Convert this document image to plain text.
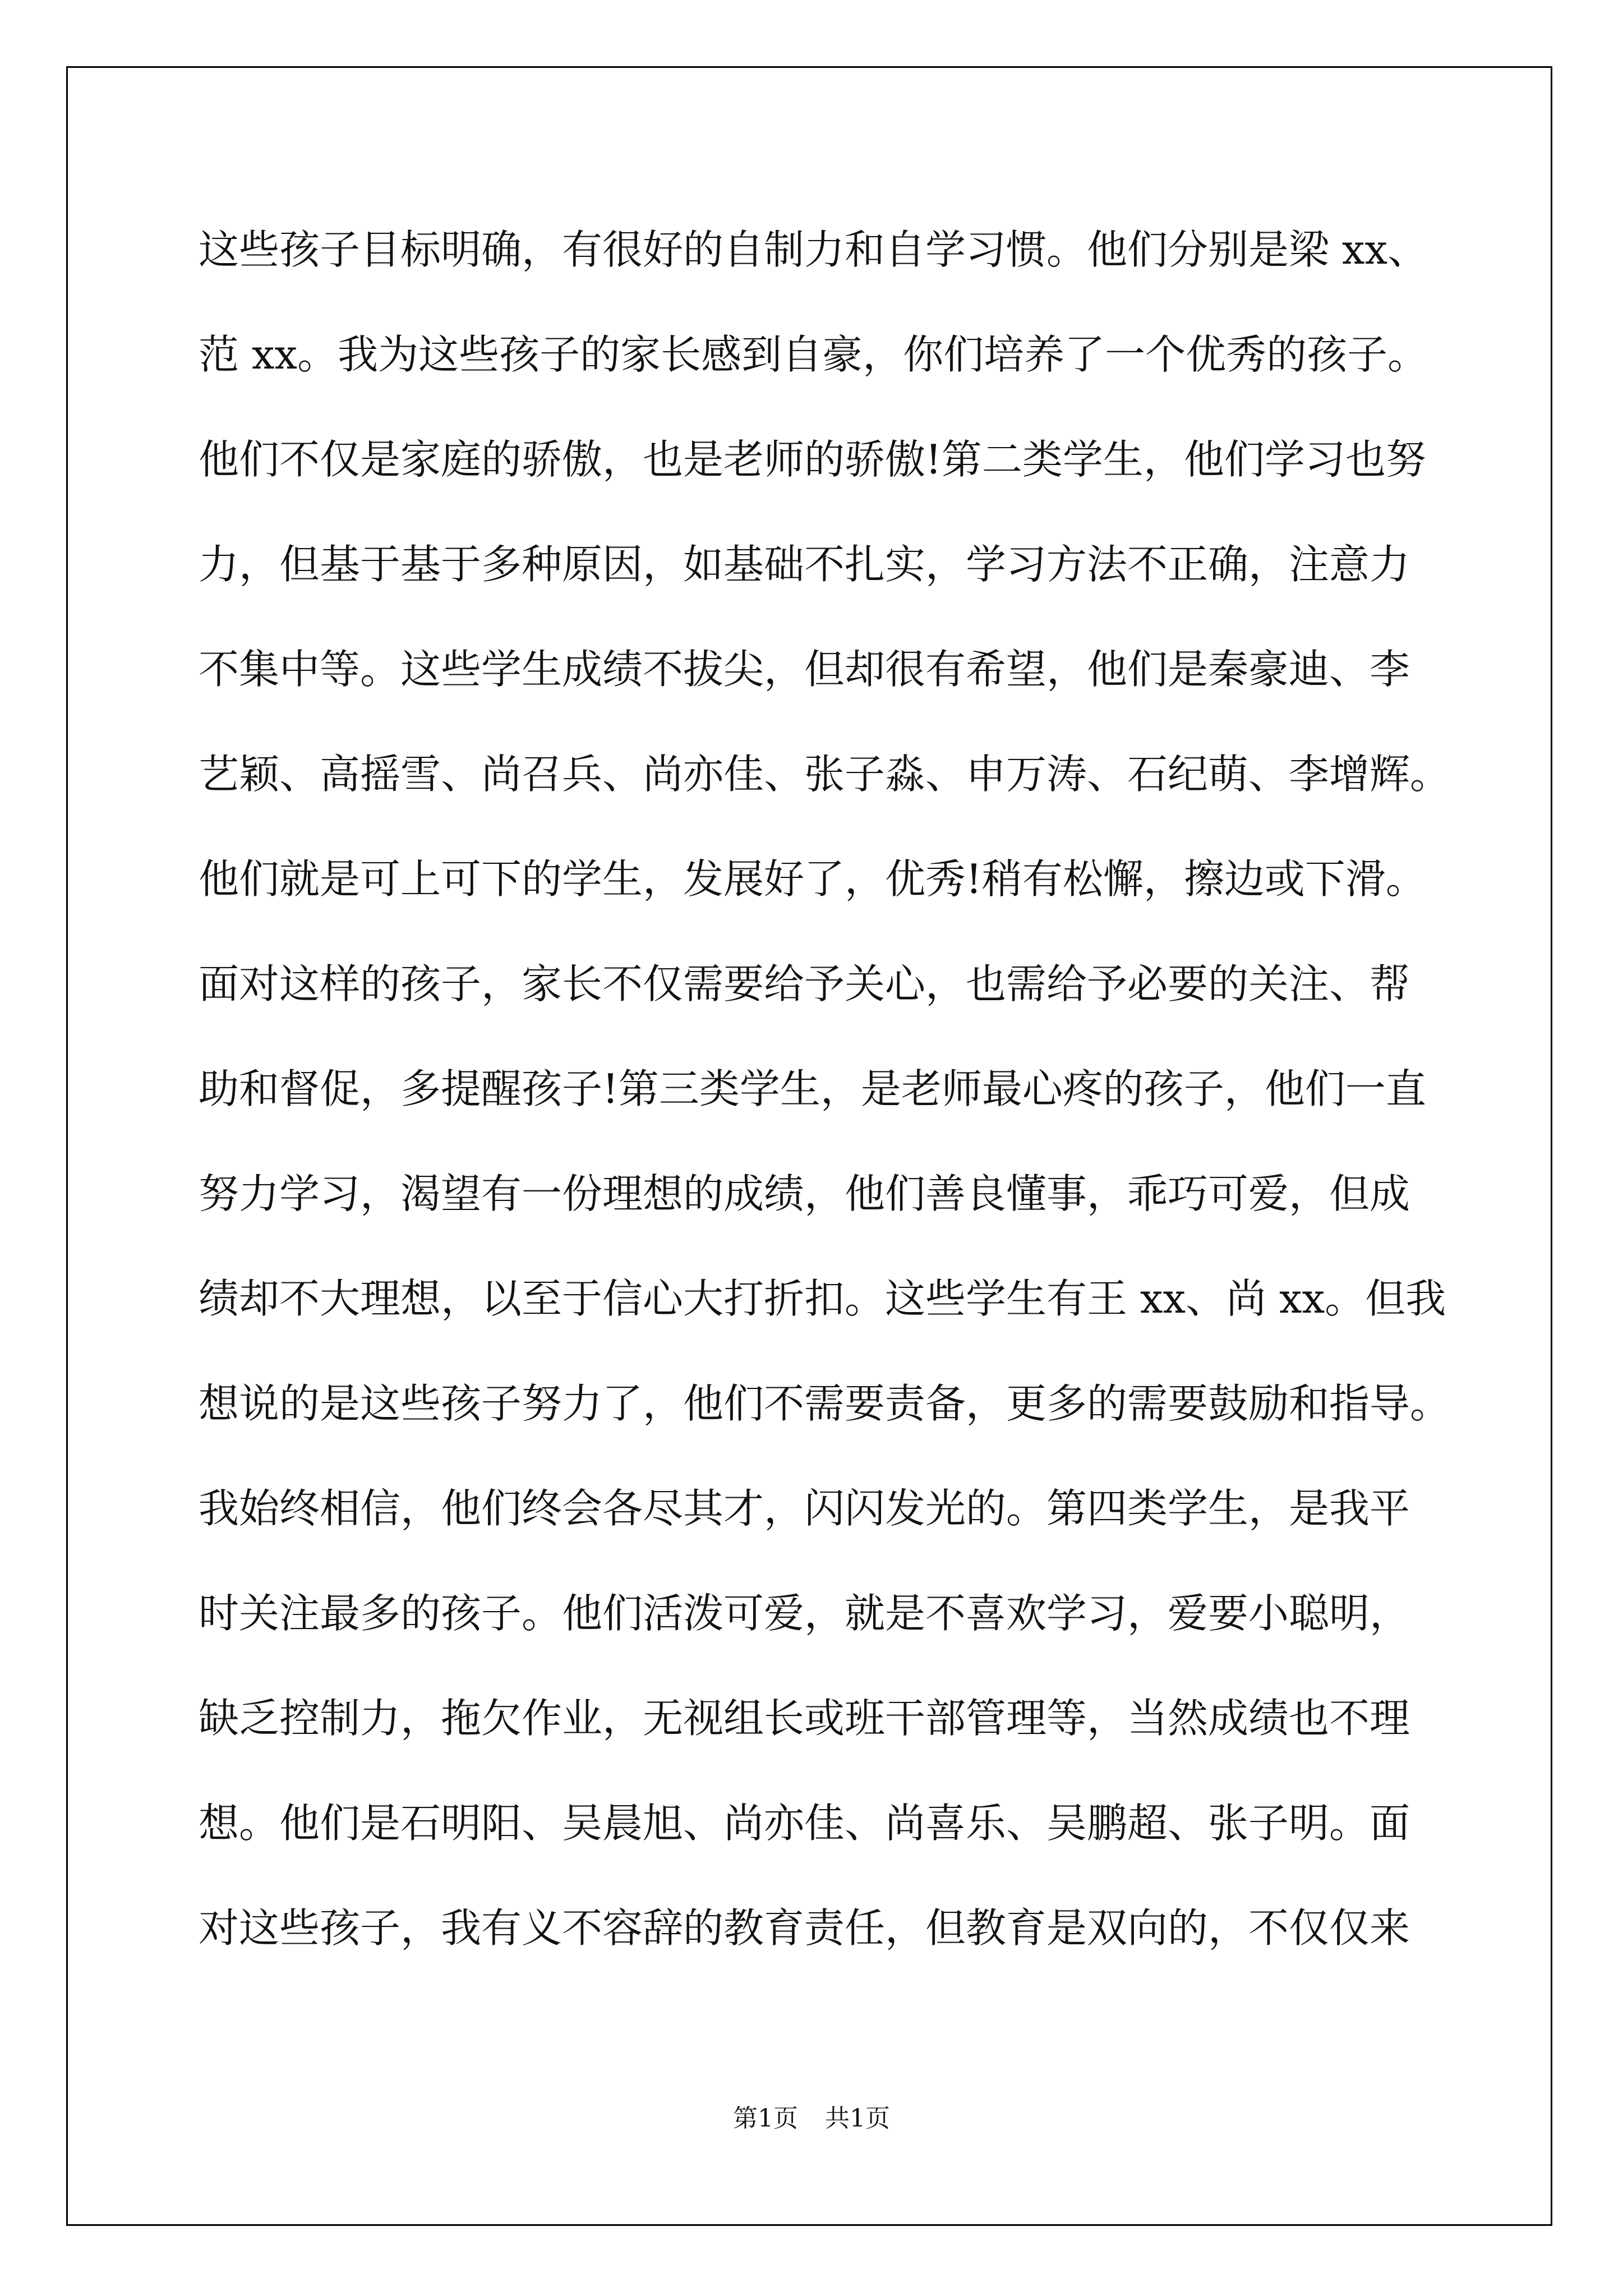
这些孩子目标明确，有很好的自制力和自学习惯。他们分别是梁 xx、
范 xx。我为这些孩子的家长感到自豪，你们培养了一个优秀的孩子。
他们不仅是家庭的骄傲，也是老师的骄傲!第二类学生，他们学习也努
力，但基于基于多种原因，如基础不扎实，学习方法不正确，注意力
不集中等。这些学生成绩不拔尖，但却很有希望，他们是秦豪迪、李
艺颖、高摇雪、尚召兵、尚亦佳、张子淼、申万涛、石纪萌、李增辉。
他们就是可上可下的学生，发展好了，优秀!稍有松懈，擦边或下滑。
面对这样的孩子，家长不仅需要给予关心，也需给予必要的关注、帮
助和督促，多提醒孩子!第三类学生，是老师最心疼的孩子，他们一直
努力学习，渴望有一份理想的成绩，他们善良懂事，乖巧可爱，但成
绩却不大理想，以至于信心大打折扣。这些学生有王 xx、尚 xx。但我
想说的是这些孩子努力了，他们不需要责备，更多的需要鼓励和指导。
我始终相信，他们终会各尽其才，闪闪发光的。第四类学生，是我平
时关注最多的孩子。他们活泼可爱，就是不喜欢学习，爱要小聪明，
缺乏控制力，拖欠作业，无视组长或班干部管理等，当然成绩也不理
想。他们是石明阳、吴晨旭、尚亦佳、尚喜乐、吴鹏超、张子明。面
对这些孩子，我有义不容辞的教育责任，但教育是双向的，不仅仅来
第1页 共1页
